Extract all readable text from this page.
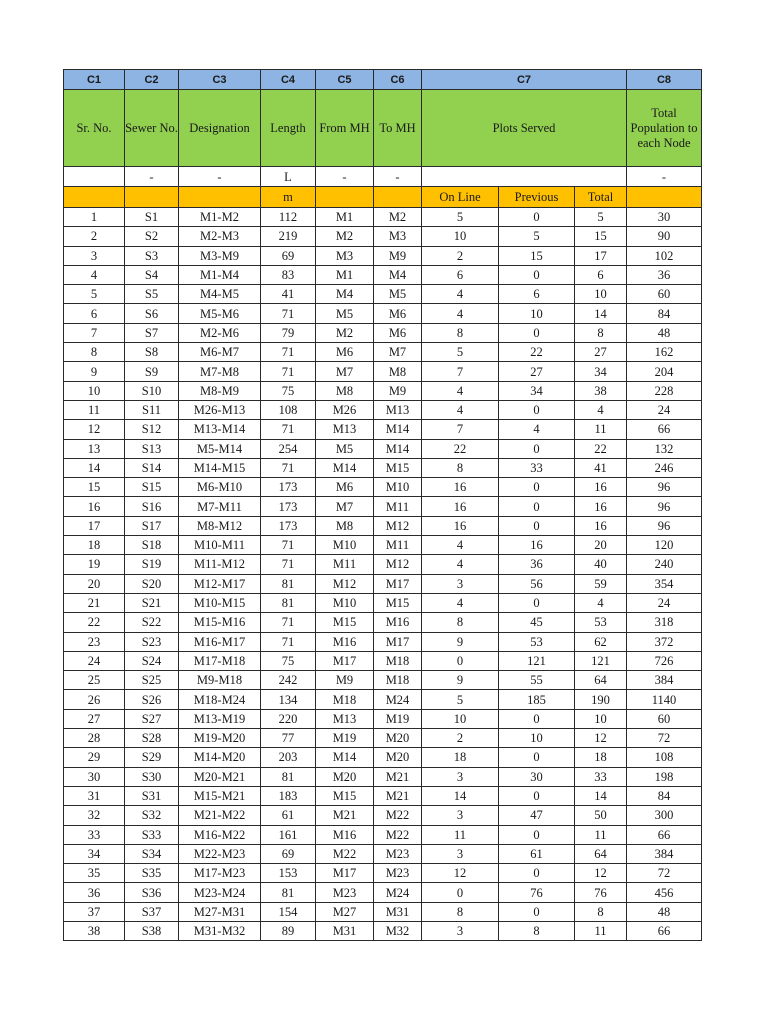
C1	C2	C3	C4	C5	C6	C7			C8
Sr. No.	Sewer No.	Designation	Length	From MH	To MH	Plots Served			Total Population to each Node
	-	-	L	-	-				-
			m			On Line	Previous	Total	
1	S1	M1-M2	112	M1	M2	5	0	5	30
2	S2	M2-M3	219	M2	M3	10	5	15	90
3	S3	M3-M9	69	M3	M9	2	15	17	102
4	S4	M1-M4	83	M1	M4	6	0	6	36
5	S5	M4-M5	41	M4	M5	4	6	10	60
6	S6	M5-M6	71	M5	M6	4	10	14	84
7	S7	M2-M6	79	M2	M6	8	0	8	48
8	S8	M6-M7	71	M6	M7	5	22	27	162
9	S9	M7-M8	71	M7	M8	7	27	34	204
10	S10	M8-M9	75	M8	M9	4	34	38	228
11	S11	M26-M13	108	M26	M13	4	0	4	24
12	S12	M13-M14	71	M13	M14	7	4	11	66
13	S13	M5-M14	254	M5	M14	22	0	22	132
14	S14	M14-M15	71	M14	M15	8	33	41	246
15	S15	M6-M10	173	M6	M10	16	0	16	96
16	S16	M7-M11	173	M7	M11	16	0	16	96
17	S17	M8-M12	173	M8	M12	16	0	16	96
18	S18	M10-M11	71	M10	M11	4	16	20	120
19	S19	M11-M12	71	M11	M12	4	36	40	240
20	S20	M12-M17	81	M12	M17	3	56	59	354
21	S21	M10-M15	81	M10	M15	4	0	4	24
22	S22	M15-M16	71	M15	M16	8	45	53	318
23	S23	M16-M17	71	M16	M17	9	53	62	372
24	S24	M17-M18	75	M17	M18	0	121	121	726
25	S25	M9-M18	242	M9	M18	9	55	64	384
26	S26	M18-M24	134	M18	M24	5	185	190	1140
27	S27	M13-M19	220	M13	M19	10	0	10	60
28	S28	M19-M20	77	M19	M20	2	10	12	72
29	S29	M14-M20	203	M14	M20	18	0	18	108
30	S30	M20-M21	81	M20	M21	3	30	33	198
31	S31	M15-M21	183	M15	M21	14	0	14	84
32	S32	M21-M22	61	M21	M22	3	47	50	300
33	S33	M16-M22	161	M16	M22	11	0	11	66
34	S34	M22-M23	69	M22	M23	3	61	64	384
35	S35	M17-M23	153	M17	M23	12	0	12	72
36	S36	M23-M24	81	M23	M24	0	76	76	456
37	S37	M27-M31	154	M27	M31	8	0	8	48
38	S38	M31-M32	89	M31	M32	3	8	11	66
